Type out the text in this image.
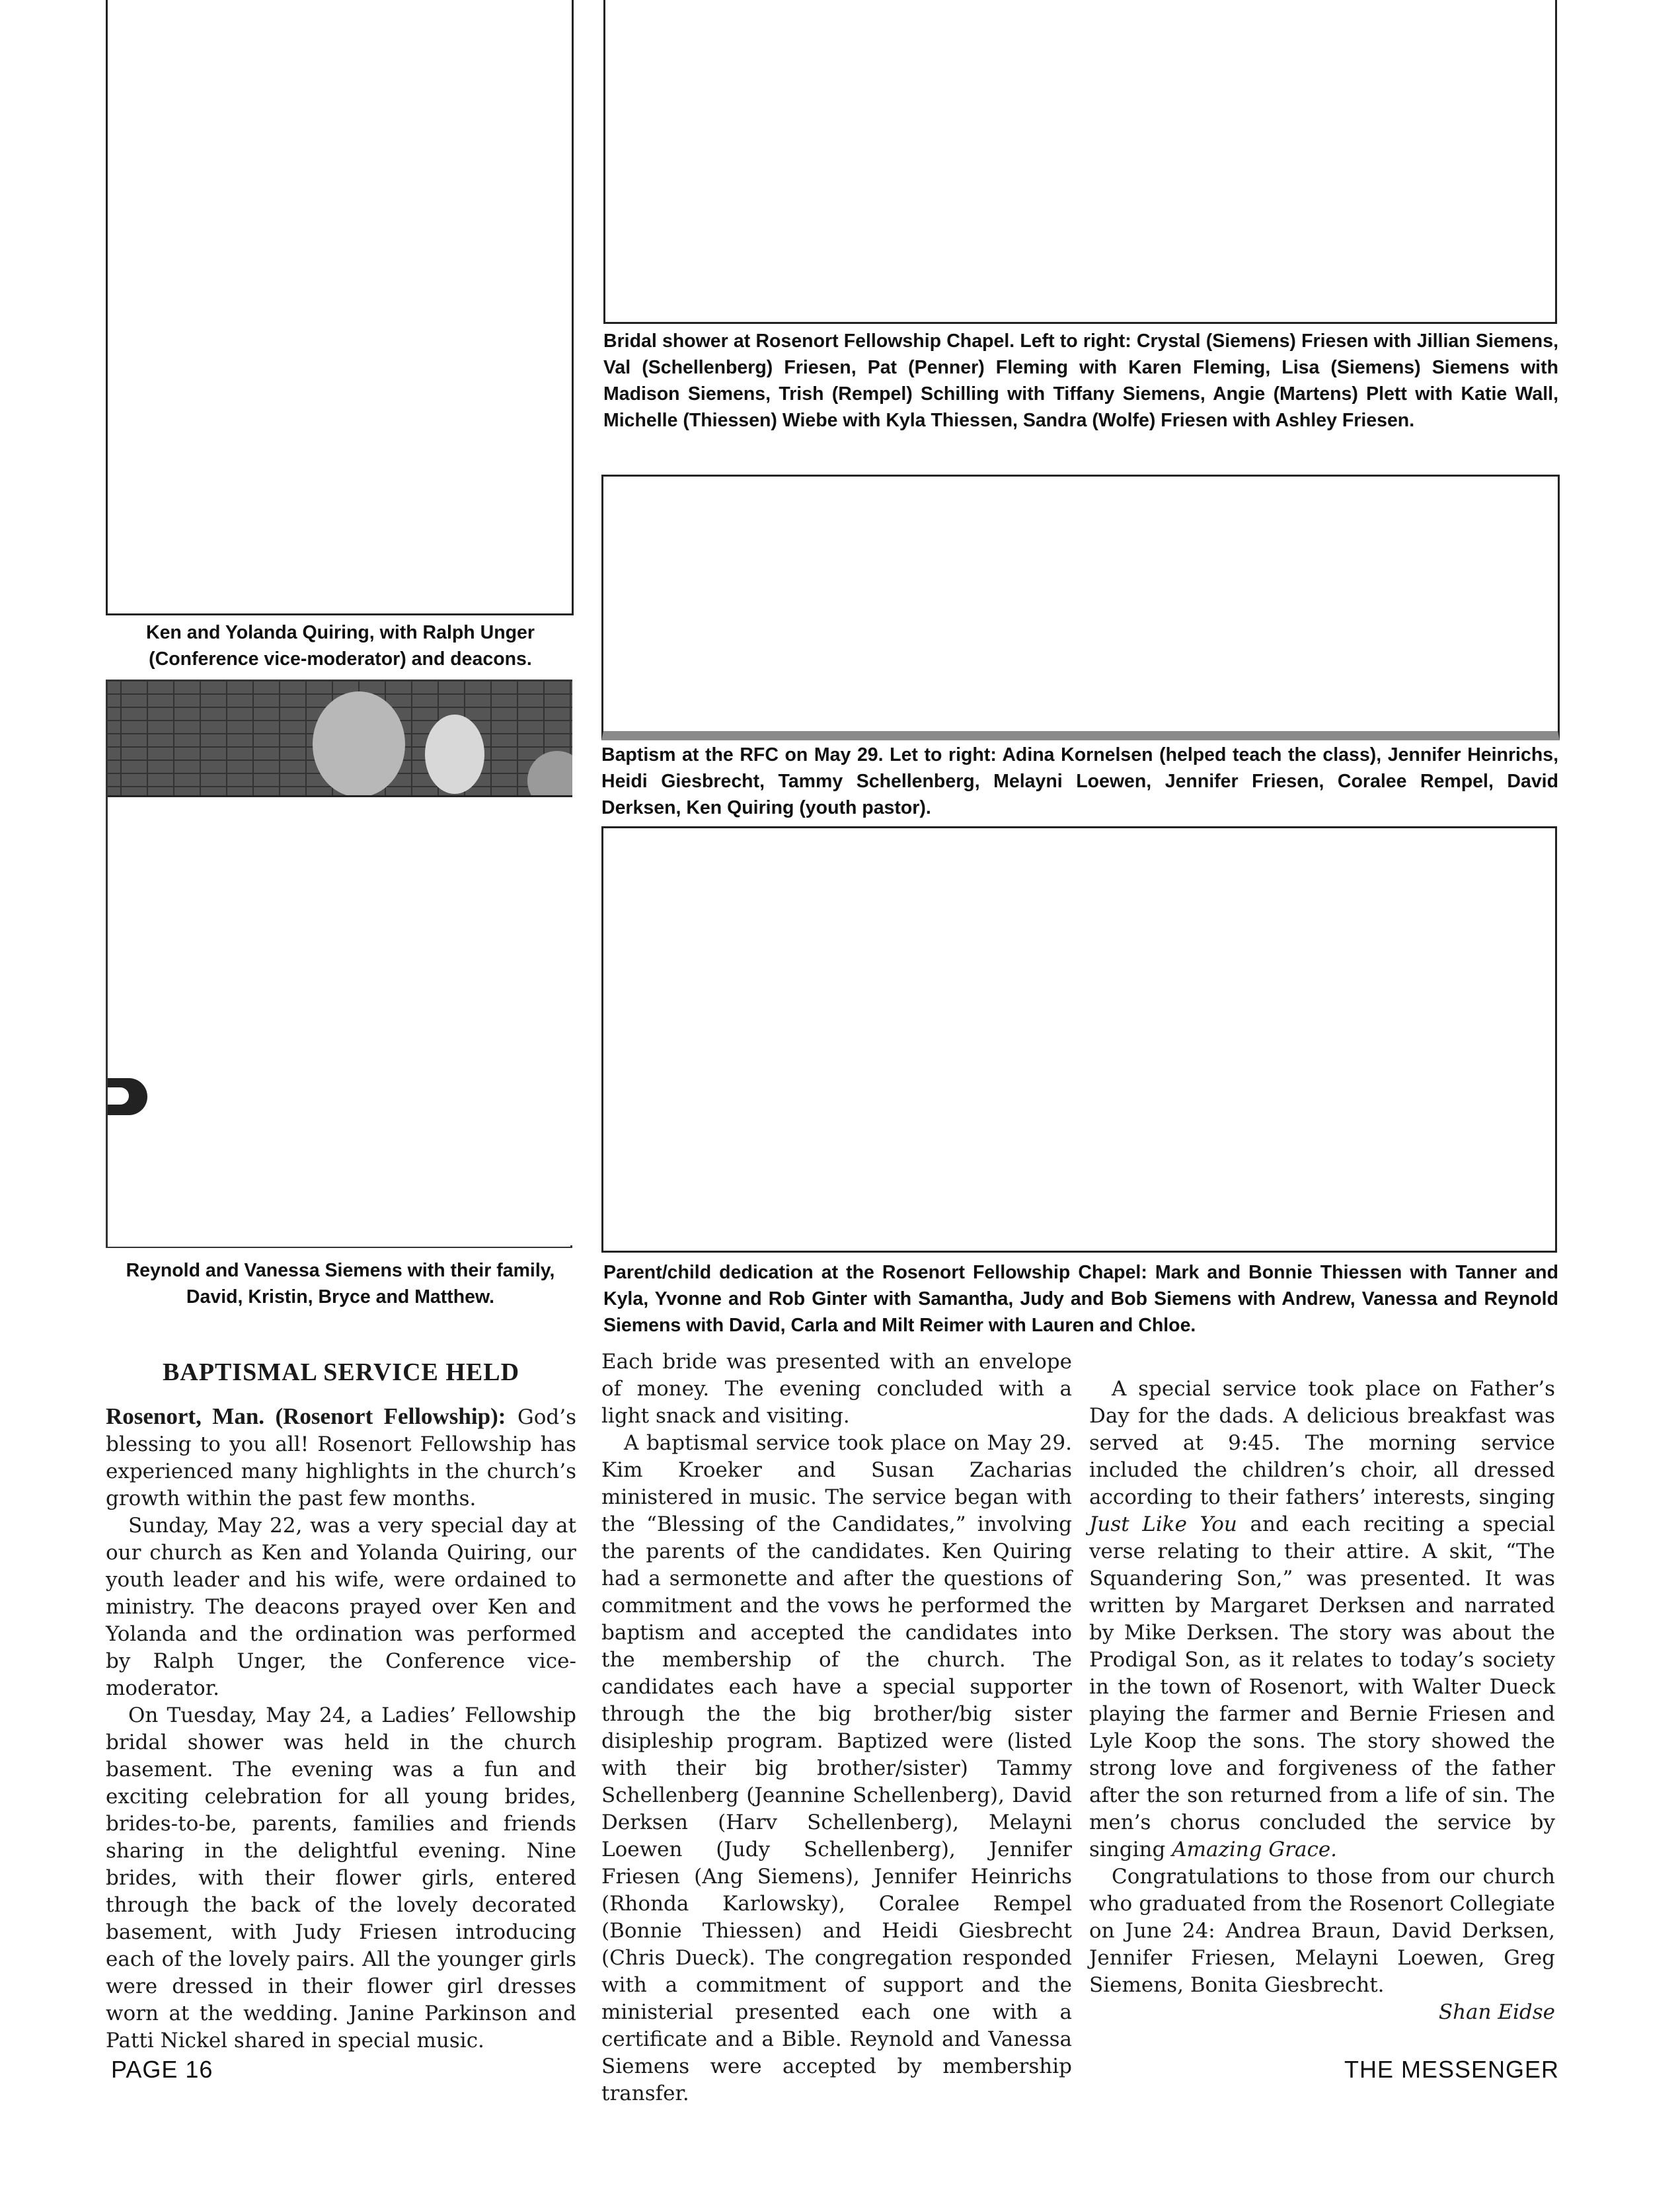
Bridal shower at Rosenort Fellowship Chapel. Left to right: Crystal (Siemens) Friesen with Jillian Siemens, Val (Schellenberg) Friesen, Pat (Penner) Fleming with Karen Fleming, Lisa (Siemens) Siemens with Madison Siemens, Trish (Rempel) Schilling with Tiffany Siemens, Angie (Martens) Plett with Katie Wall, Michelle (Thiessen) Wiebe with Kyla Thiessen, Sandra (Wolfe) Friesen with Ashley Friesen.

Ken and Yolanda Quiring, with Ralph Unger (Conference vice-moderator) and deacons.

Baptism at the RFC on May 29. Let to right: Adina Kornelsen (helped teach the class), Jennifer Heinrichs, Heidi Giesbrecht, Tammy Schellenberg, Melayni Loewen, Jennifer Friesen, Coralee Rempel, David Derksen, Ken Quiring (youth pastor).

Reynold and Vanessa Siemens with their family, David, Kristin, Bryce and Matthew.

Parent/child dedication at the Rosenort Fellowship Chapel: Mark and Bonnie Thiessen with Tanner and Kyla, Yvonne and Rob Ginter with Samantha, Judy and Bob Siemens with Andrew, Vanessa and Reynold Siemens with David, Carla and Milt Reimer with Lauren and Chloe.

BAPTISMAL SERVICE HELD

Rosenort, Man. (Rosenort Fellowship): God’s blessing to you all! Rosenort Fellowship has experienced many highlights in the church’s growth within the past few months.

Sunday, May 22, was a very special day at our church as Ken and Yolanda Quiring, our youth leader and his wife, were ordained to ministry. The deacons prayed over Ken and Yolanda and the ordination was performed by Ralph Unger, the Conference vice-moderator.

On Tuesday, May 24, a Ladies’ Fellowship bridal shower was held in the church basement. The evening was a fun and exciting celebration for all young brides, brides-to-be, parents, families and friends sharing in the delightful evening. Nine brides, with their flower girls, entered through the back of the lovely decorated basement, with Judy Friesen introducing each of the lovely pairs. All the younger girls were dressed in their flower girl dresses worn at the wedding. Janine Parkinson and Patti Nickel shared in special music.

Each bride was presented with an envelope of money. The evening concluded with a light snack and visiting.

A baptismal service took place on May 29. Kim Kroeker and Susan Zacharias ministered in music. The service began with the “Blessing of the Candidates,” involving the parents of the candidates. Ken Quiring had a sermonette and after the questions of commitment and the vows he performed the baptism and accepted the candidates into the membership of the church. The candidates each have a special supporter through the the big brother/big sister disipleship program. Baptized were (listed with their big brother/sister) Tammy Schellenberg (Jeannine Schellenberg), David Derksen (Harv Schellenberg), Melayni Loewen (Judy Schellenberg), Jennifer Friesen (Ang Siemens), Jennifer Heinrichs (Rhonda Karlowsky), Coralee Rempel (Bonnie Thiessen) and Heidi Giesbrecht (Chris Dueck). The congregation responded with a commitment of support and the ministerial presented each one with a certificate and a Bible. Reynold and Vanessa Siemens were accepted by membership transfer.

A special service took place on Father’s Day for the dads. A delicious breakfast was served at 9:45. The morning service included the children’s choir, all dressed according to their fathers’ interests, singing Just Like You and each reciting a special verse relating to their attire. A skit, “The Squandering Son,” was presented. It was written by Margaret Derksen and narrated by Mike Derksen. The story was about the Prodigal Son, as it relates to today’s society in the town of Rosenort, with Walter Dueck playing the farmer and Bernie Friesen and Lyle Koop the sons. The story showed the strong love and forgiveness of the father after the son returned from a life of sin. The men’s chorus concluded the service by singing Amazing Grace.

Congratulations to those from our church who graduated from the Rosenort Collegiate on June 24: Andrea Braun, David Derksen, Jennifer Friesen, Melayni Loewen, Greg Siemens, Bonita Giesbrecht.

Shan Eidse

PAGE 16	THE MESSENGER
